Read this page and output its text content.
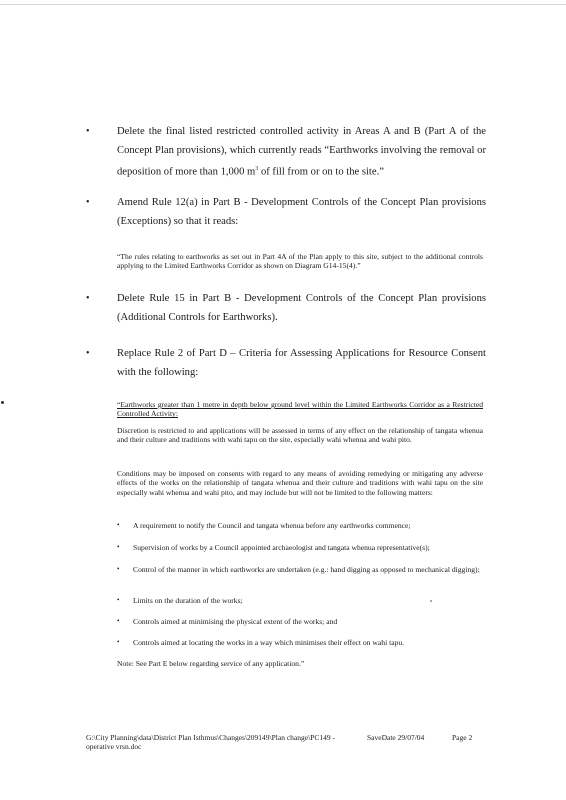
•	Delete the final listed restricted controlled activity in Areas A and B (Part A of the Concept Plan provisions), which currently reads “Earthworks involving the removal or deposition of more than 1,000 $m^3$ of fill from or on to the site.”
•	Amend Rule 12(a) in Part B - Development Controls of the Concept Plan provisions (Exceptions) so that it reads:
“The rules relating to earthworks as set out in Part 4A of the Plan apply to this site, subject to the additional controls applying to the Limited Earthworks Corridor as shown on Diagram G14-15(4).”
•	Delete Rule 15 in Part B - Development Controls of the Concept Plan provisions (Additional Controls for Earthworks).
•	Replace Rule 2 of Part D – Criteria for Assessing Applications for Resource Consent with the following:
“Earthworks greater than 1 metre in depth below ground level within the Limited Earthworks Corridor as a Restricted Controlled Activity:
Discretion is restricted to and applications will be assessed in terms of any effect on the relationship of tangata whenua and their culture and traditions with wahi tapu on the site, especially wahi whenua and wahi pito.
Conditions may be imposed on consents with regard to any means of avoiding remedying or mitigating any adverse effects of the works on the relationship of tangata whenua and their culture and traditions with wahi tapu on the site especially wahi whenua and wahi pito, and may include but will not be limited to the following matters:
• A requirement to notify the Council and tangata whenua before any earthworks commence;
• Supervision of works by a Council appointed archaeologist and tangata whenua representative(s);
• Control of the manner in which earthworks are undertaken (e.g.: hand digging as opposed to mechanical digging);
• Limits on the duration of the works;
• Controls aimed at minimising the physical extent of the works; and
• Controls aimed at locating the works in a way which minimises their effect on wahi tapu.
Note: See Part E below regarding service of any application.”
G:\City Planning\data\District Plan Isthmus\Changes\209149\Plan change\PC149 - operative vrsn.doc
SaveDate 29/07/04	Page 2
